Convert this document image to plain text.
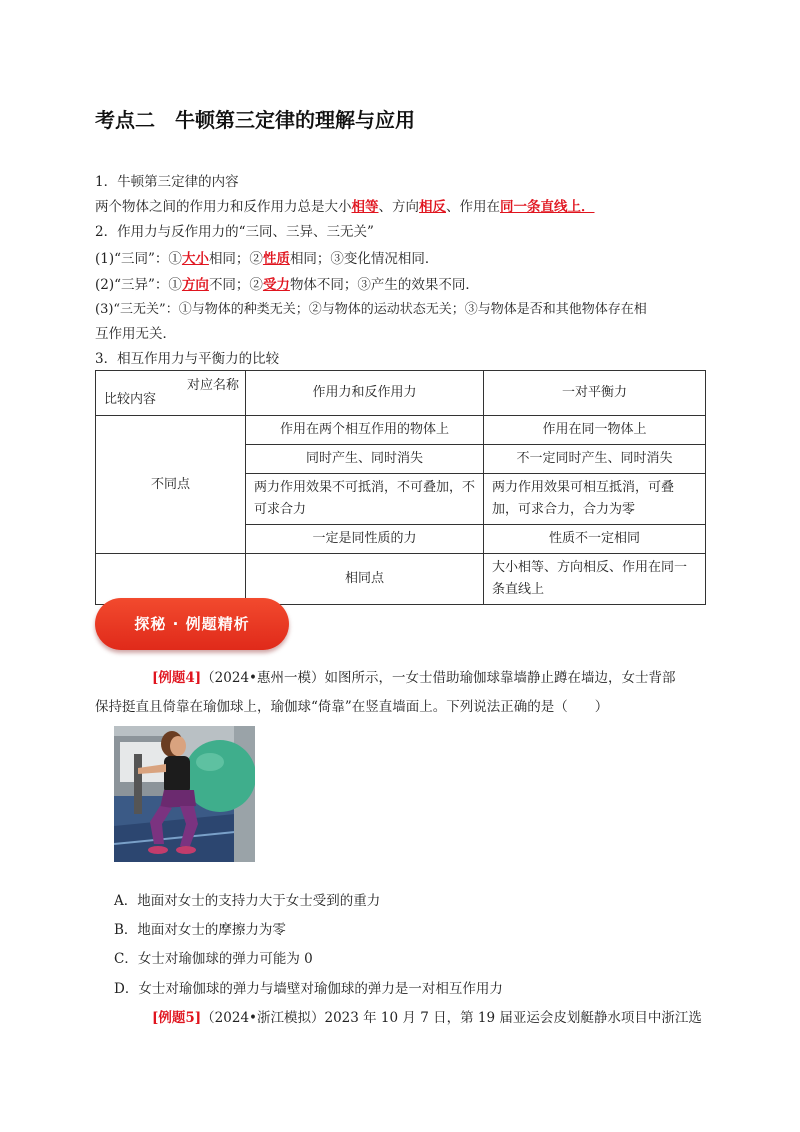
考点二　牛顿第三定律的理解与应用
1．牛顿第三定律的内容
两个物体之间的作用力和反作用力总是大小相等、方向相反、作用在同一条直线上．
2．作用力与反作用力的“三同、三异、三无关”
(1)“三同”：①大小相同；②性质相同；③变化情况相同．
(2)“三异”：①方向不同；②受力物体不同；③产生的效果不同．
(3)“三无关”：①与物体的种类无关；②与物体的运动状态无关；③与物体是否和其他物体存在相
互作用无关．
3．相互作用力与平衡力的比较
对应名称
比较内容	作用力和反作用力	一对平衡力
不同点	作用在两个相互作用的物体上	作用在同一物体上
	同时产生、同时消失	不一定同时产生、同时消失
	两力作用效果不可抵消，不可叠加，不可求合力	两力作用效果可相互抵消，可叠加，可求合力，合力为零
	一定是同性质的力	性质不一定相同
	相同点	大小相等、方向相反、作用在同一条直线上
探秘 · 例题精析
[例题4]（2024•惠州一模）如图所示，一女士借助瑜伽球靠墙静止蹲在墙边，女士背部
保持挺直且倚靠在瑜伽球上，瑜伽球“倚靠”在竖直墙面上。下列说法正确的是（　　）
A．地面对女士的支持力大于女士受到的重力
B．地面对女士的摩擦力为零
C．女士对瑜伽球的弹力可能为 0
D．女士对瑜伽球的弹力与墙壁对瑜伽球的弹力是一对相互作用力
[例题5]（2024•浙江模拟）2023 年 10 月 7 日，第 19 届亚运会皮划艇静水项目中浙江选
